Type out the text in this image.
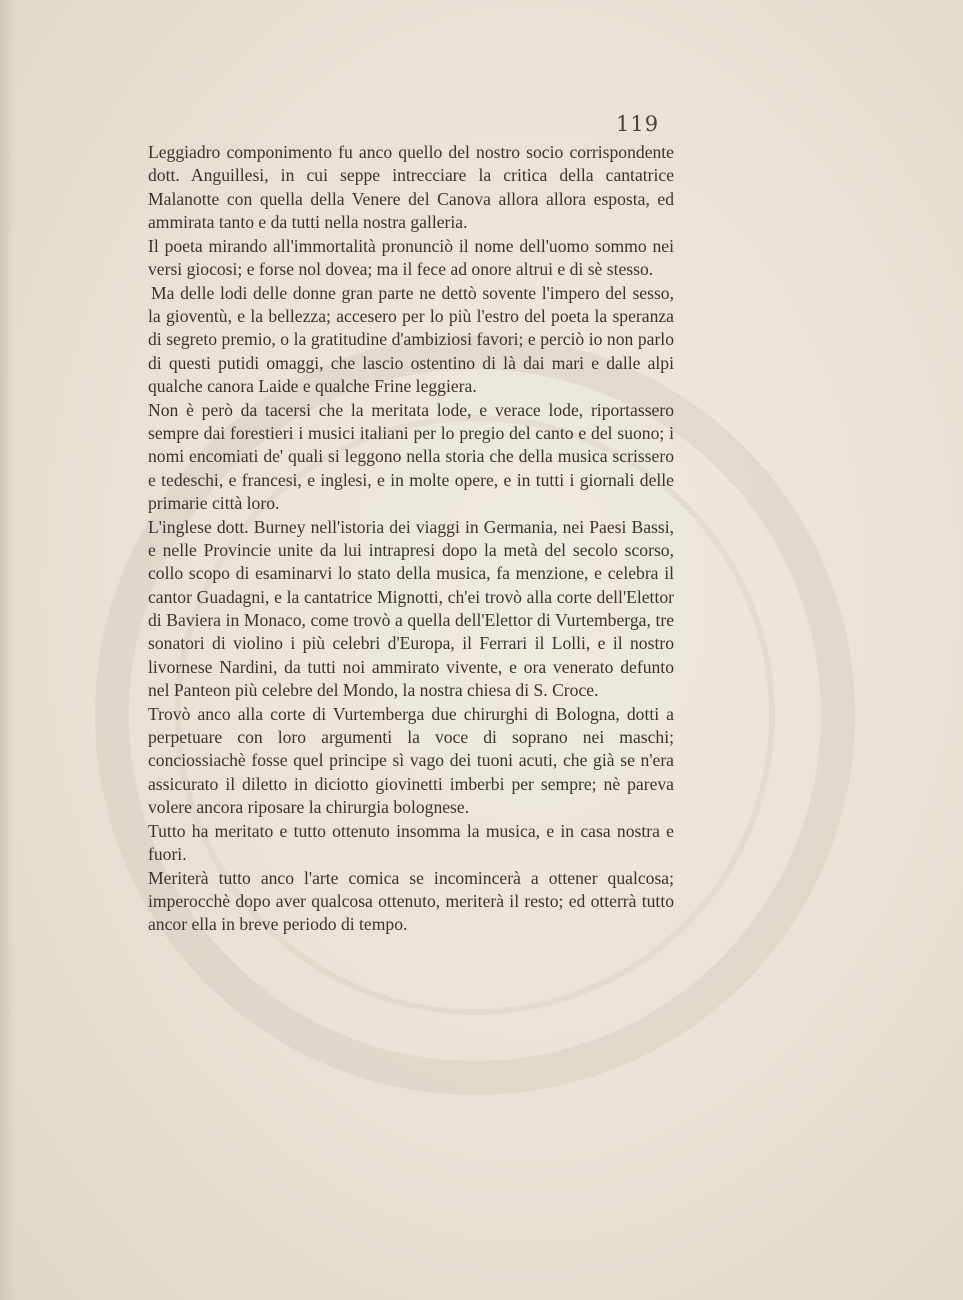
119

Leggiadro componimento fu anco quello del nostro socio corrispondente dott. Anguillesi, in cui seppe intrecciare la critica della cantatrice Malanotte con quella della Venere del Canova allora allora esposta, ed ammirata tanto e da tutti nella nostra galleria.

Il poeta mirando all'immortalità pronunciò il nome dell'uomo sommo nei versi giocosi; e forse nol dovea; ma il fece ad onore altrui e di sè stesso.

Ma delle lodi delle donne gran parte ne dettò sovente l'impero del sesso, la gioventù, e la bellezza; accesero per lo più l'estro del poeta la speranza di segreto premio, o la gratitudine d'ambiziosi favori; e perciò io non parlo di questi putidi omaggi, che lascio ostentino di là dai mari e dalle alpi qualche canora Laide e qualche Frine leggiera.

Non è però da tacersi che la meritata lode, e verace lode, riportassero sempre dai forestieri i musici italiani per lo pregio del canto e del suono; i nomi encomiati de' quali si leggono nella storia che della musica scrissero e tedeschi, e francesi, e inglesi, e in molte opere, e in tutti i giornali delle primarie città loro.

L'inglese dott. Burney nell'istoria dei viaggi in Germania, nei Paesi Bassi, e nelle Provincie unite da lui intrapresi dopo la metà del secolo scorso, collo scopo di esaminarvi lo stato della musica, fa menzione, e celebra il cantor Guadagni, e la cantatrice Mignotti, ch'ei trovò alla corte dell'Elettor di Baviera in Monaco, come trovò a quella dell'Elettor di Vurtemberga, tre sonatori di violino i più celebri d'Europa, il Ferrari il Lolli, e il nostro livornese Nardini, da tutti noi ammirato vivente, e ora venerato defunto nel Panteon più celebre del Mondo, la nostra chiesa di S. Croce.

Trovò anco alla corte di Vurtemberga due chirurghi di Bologna, dotti a perpetuare con loro argumenti la voce di soprano nei maschi; conciossiachè fosse quel principe sì vago dei tuoni acuti, che già se n'era assicurato il diletto in diciotto giovinetti imberbi per sempre; nè pareva volere ancora riposare la chirurgia bolognese.

Tutto ha meritato e tutto ottenuto insomma la musica, e in casa nostra e fuori.

Meriterà tutto anco l'arte comica se incomincerà a ottener qualcosa; imperocchè dopo aver qualcosa ottenuto, meriterà il resto; ed otterrà tutto ancor ella in breve periodo di tempo.
